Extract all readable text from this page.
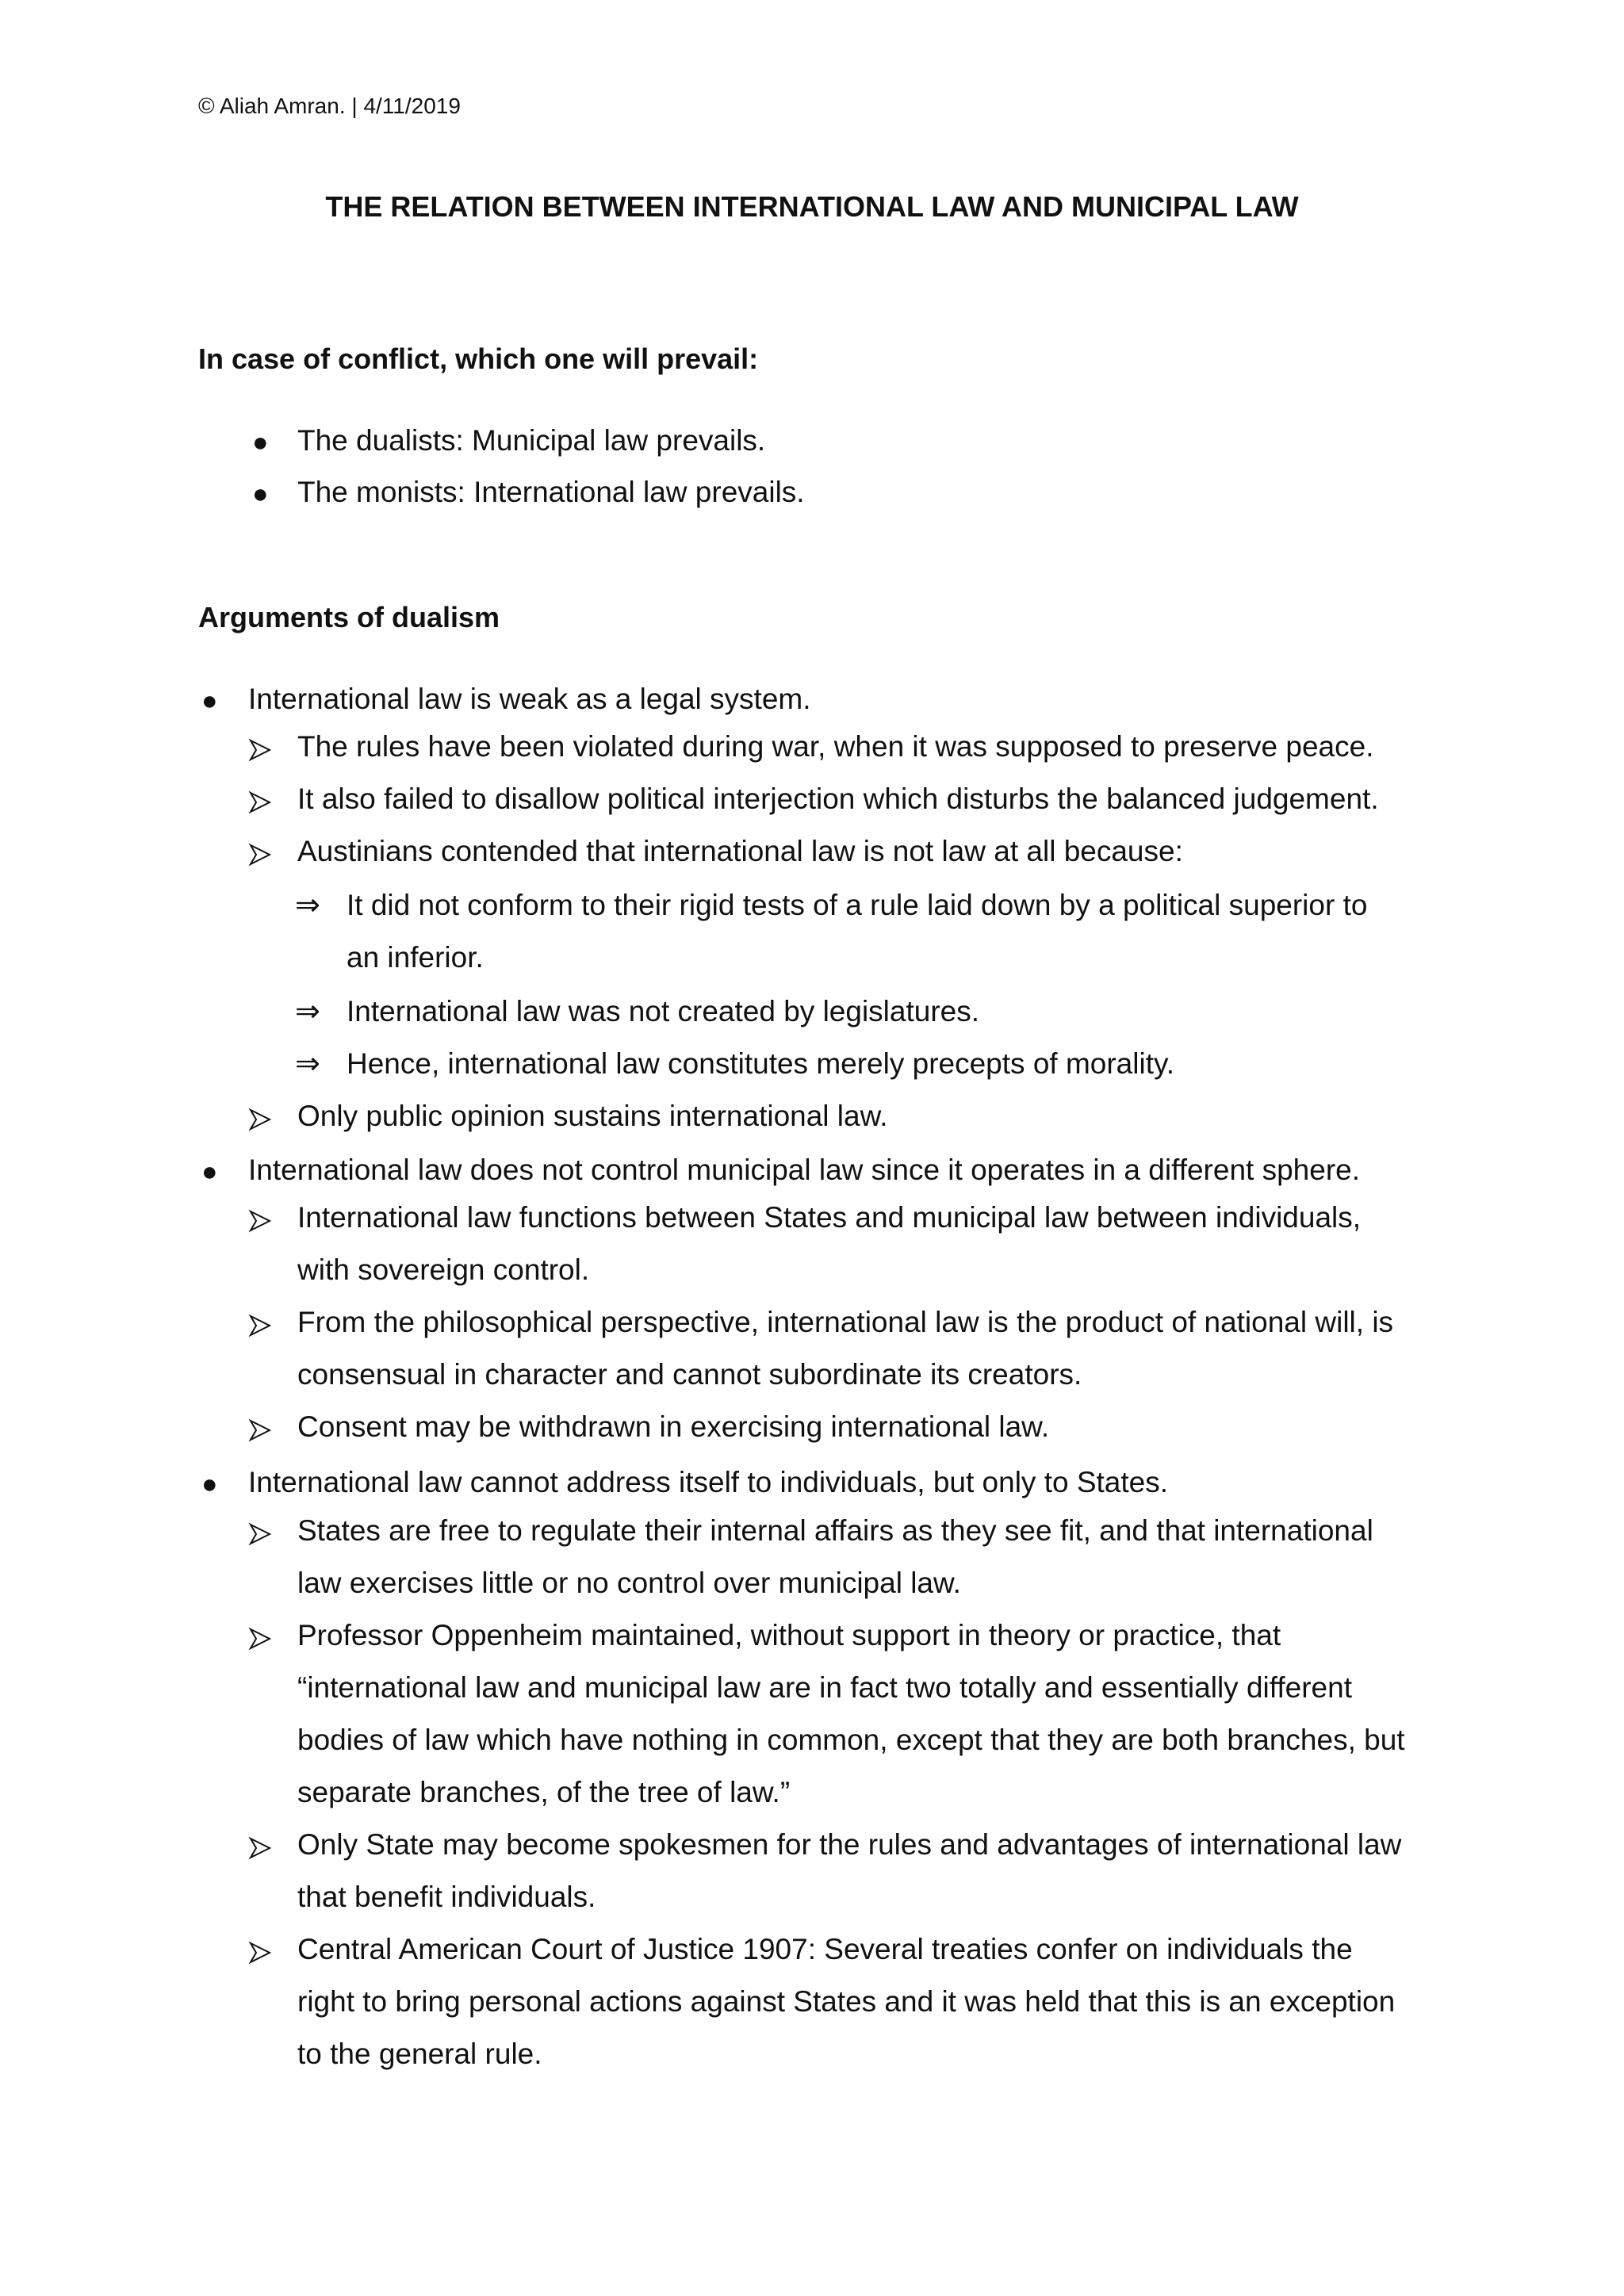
© Aliah Amran. | 4/11/2019
THE RELATION BETWEEN INTERNATIONAL LAW AND MUNICIPAL LAW
In case of conflict, which one will prevail:
● The dualists: Municipal law prevails.
● The monists: International law prevails.
Arguments of dualism
● International law is weak as a legal system.
The rules have been violated during war, when it was supposed to preserve peace.
It also failed to disallow political interjection which disturbs the balanced judgement.
Austinians contended that international law is not law at all because:
⇒ It did not conform to their rigid tests of a rule laid down by a political superior to
an inferior.
⇒ International law was not created by legislatures.
⇒ Hence, international law constitutes merely precepts of morality.
Only public opinion sustains international law.
● International law does not control municipal law since it operates in a different sphere.
International law functions between States and municipal law between individuals,
with sovereign control.
From the philosophical perspective, international law is the product of national will, is
consensual in character and cannot subordinate its creators.
Consent may be withdrawn in exercising international law.
● International law cannot address itself to individuals, but only to States.
States are free to regulate their internal affairs as they see fit, and that international
law exercises little or no control over municipal law.
Professor Oppenheim maintained, without support in theory or practice, that
“international law and municipal law are in fact two totally and essentially different
bodies of law which have nothing in common, except that they are both branches, but
separate branches, of the tree of law.”
Only State may become spokesmen for the rules and advantages of international law
that benefit individuals.
Central American Court of Justice 1907: Several treaties confer on individuals the
right to bring personal actions against States and it was held that this is an exception
to the general rule.
